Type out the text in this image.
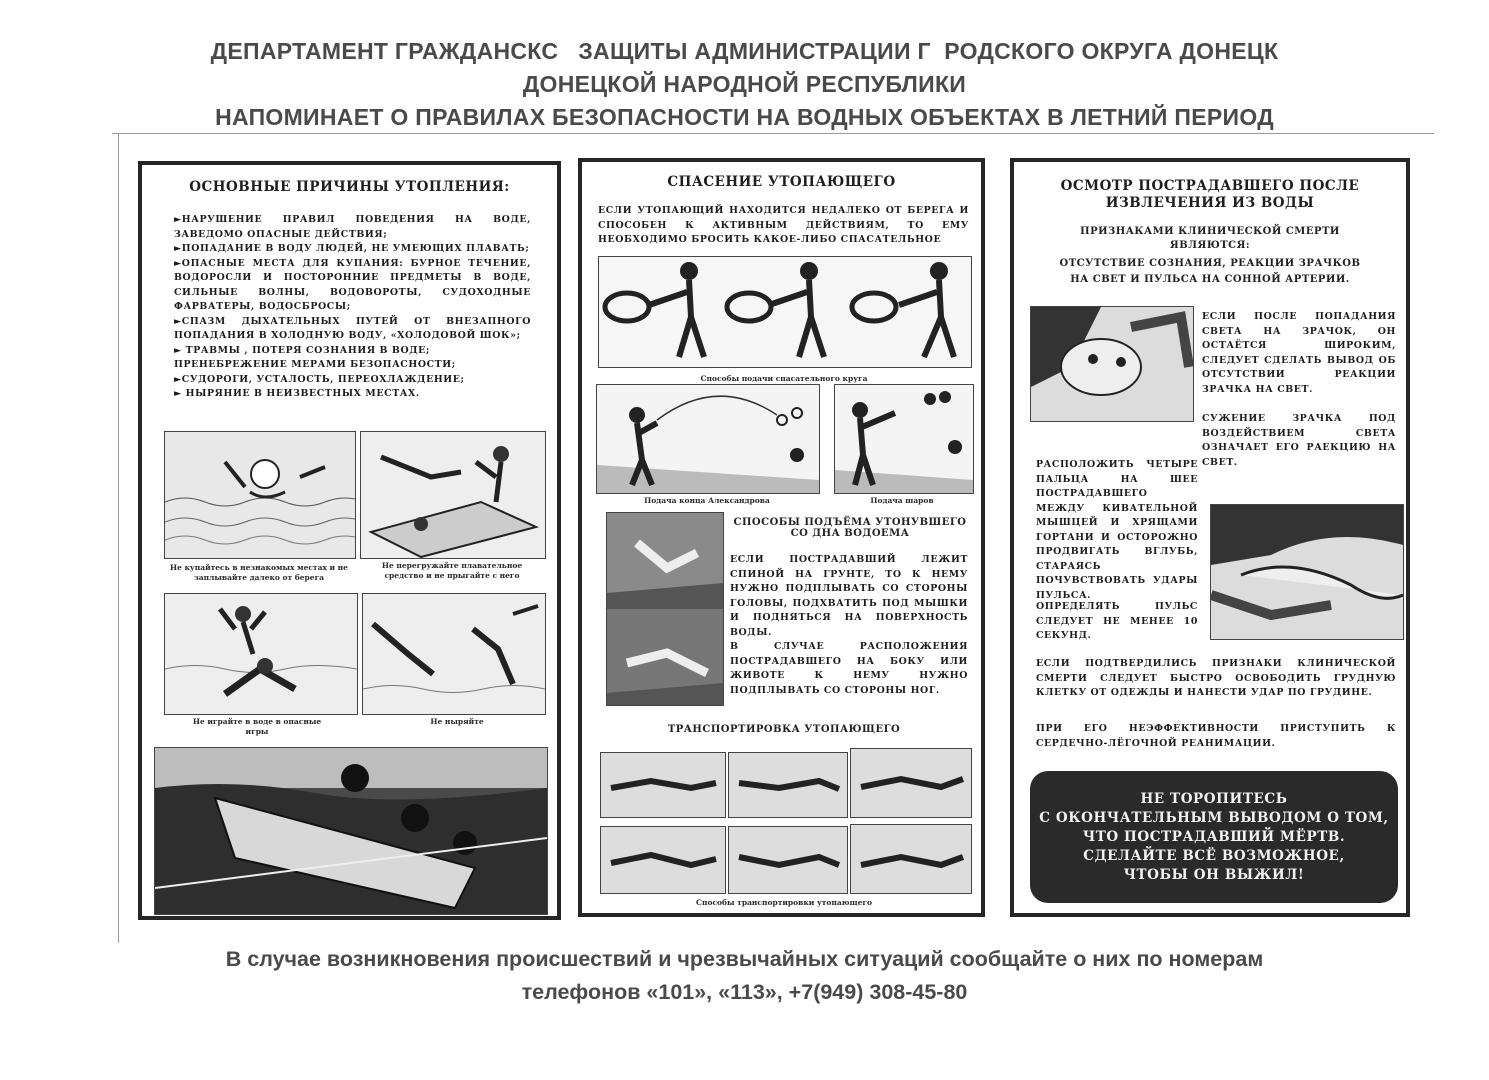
ДЕПАРТАМЕНТ ГРАЖДАНСКС   ЗАЩИТЫ АДМИНИСТРАЦИИ Г  РОДСКОГО ОКРУГА ДОНЕЦК
ДОНЕЦКОЙ НАРОДНОЙ РЕСПУБЛИКИ
НАПОМИНАЕТ О ПРАВИЛАХ БЕЗОПАСНОСТИ НА ВОДНЫХ ОБЪЕКТАХ В ЛЕТНИЙ ПЕРИОД
ОСНОВНЫЕ ПРИЧИНЫ УТОПЛЕНИЯ:
►НАРУШЕНИЕ ПРАВИЛ ПОВЕДЕНИЯ НА ВОДЕ, ЗАВЕДОМО ОПАСНЫЕ ДЕЙСТВИЯ;
►ПОПАДАНИЕ В ВОДУ ЛЮДЕЙ, НЕ УМЕЮЩИХ ПЛАВАТЬ;
►ОПАСНЫЕ МЕСТА ДЛЯ КУПАНИЯ: БУРНОЕ ТЕЧЕНИЕ, ВОДОРОСЛИ И ПОСТОРОННИЕ ПРЕДМЕТЫ В ВОДЕ, СИЛЬНЫЕ ВОЛНЫ, ВОДОВОРОТЫ, СУДОХОДНЫЕ ФАРВАТЕРЫ, ВОДОСБРОСЫ;
►СПАЗМ ДЫХАТЕЛЬНЫХ ПУТЕЙ ОТ ВНЕЗАПНОГО ПОПАДАНИЯ В ХОЛОДНУЮ ВОДУ, «ХОЛОДОВОЙ ШОК»;
► ТРАВМЫ , ПОТЕРЯ СОЗНАНИЯ В ВОДЕ;
ПРЕНЕБРЕЖЕНИЕ МЕРАМИ БЕЗОПАСНОСТИ;
►СУДОРОГИ, УСТАЛОСТЬ, ПЕРЕОХЛАЖДЕНИЕ;
► НЫРЯНИЕ В НЕИЗВЕСТНЫХ МЕСТАХ.
Не купайтесь в незнакомых местах и не заплывайте далеко от берега
Не перегружайте плавательное средство и не прыгайте с него
Не играйте в воде в опасные игры
Не ныряйте
СПАСЕНИЕ УТОПАЮЩЕГО
ЕСЛИ УТОПАЮЩИЙ НАХОДИТСЯ НЕДАЛЕКО ОТ БЕРЕГА И СПОСОБЕН К АКТИВНЫМ ДЕЙСТВИЯМ, ТО ЕМУ НЕОБХОДИМО БРОСИТЬ КАКОЕ-ЛИБО СПАСАТЕЛЬНОЕ
Способы подачи спасательного круга
Подача конца Александрова	Подача шаров
СПОСОБЫ ПОДЪЁМА УТОНУВШЕГО СО ДНА ВОДОЕМА
ЕСЛИ ПОСТРАДАВШИЙ ЛЕЖИТ СПИНОЙ НА ГРУНТЕ, ТО К НЕМУ НУЖНО ПОДПЛЫВАТЬ СО СТОРОНЫ ГОЛОВЫ, ПОДХВАТИТЬ ПОД МЫШКИ И ПОДНЯТЬСЯ НА ПОВЕРХНОСТЬ ВОДЫ.
В СЛУЧАЕ РАСПОЛОЖЕНИЯ ПОСТРАДАВШЕГО НА БОКУ ИЛИ ЖИВОТЕ К НЕМУ НУЖНО ПОДПЛЫВАТЬ СО СТОРОНЫ НОГ.
ТРАНСПОРТИРОВКА УТОПАЮЩЕГО
Способы транспортировки утопающего
ОСМОТР ПОСТРАДАВШЕГО ПОСЛЕ
ИЗВЛЕЧЕНИЯ ИЗ ВОДЫ
ПРИЗНАКАМИ КЛИНИЧЕСКОЙ СМЕРТИ
ЯВЛЯЮТСЯ:
ОТСУТСТВИЕ СОЗНАНИЯ, РЕАКЦИИ ЗРАЧКОВ
НА СВЕТ И ПУЛЬСА НА СОННОЙ АРТЕРИИ.
ЕСЛИ ПОСЛЕ ПОПАДАНИЯ СВЕТА НА ЗРАЧОК, ОН ОСТАЁТСЯ ШИРОКИМ, СЛЕДУЕТ СДЕЛАТЬ ВЫВОД ОБ ОТСУТСТВИИ РЕАКЦИИ ЗРАЧКА НА СВЕТ.
СУЖЕНИЕ ЗРАЧКА ПОД ВОЗДЕЙСТВИЕМ СВЕТА ОЗНАЧАЕТ ЕГО РАЕКЦИЮ НА СВЕТ.
РАСПОЛОЖИТЬ ЧЕТЫРЕ ПАЛЬЦА НА ШЕЕ ПОСТРАДАВШЕГО МЕЖДУ КИВАТЕЛЬНОЙ МЫШЦЕЙ И ХРЯЩАМИ ГОРТАНИ И ОСТОРОЖНО ПРОДВИГАТЬ ВГЛУБЬ, СТАРАЯСЬ ПОЧУВСТВОВАТЬ УДАРЫ ПУЛЬСА.
ОПРЕДЕЛЯТЬ ПУЛЬС СЛЕДУЕТ НЕ МЕНЕЕ 10 СЕКУНД.
ЕСЛИ ПОДТВЕРДИЛИСЬ ПРИЗНАКИ КЛИНИЧЕСКОЙ СМЕРТИ СЛЕДУЕТ БЫСТРО ОСВОБОДИТЬ ГРУДНУЮ КЛЕТКУ ОТ ОДЕЖДЫ И НАНЕСТИ УДАР ПО ГРУДИНЕ.
ПРИ ЕГО НЕЭФФЕКТИВНОСТИ ПРИСТУПИТЬ К СЕРДЕЧНО-ЛЁГОЧНОЙ РЕАНИМАЦИИ.
НЕ ТОРОПИТЕСЬ
С ОКОНЧАТЕЛЬНЫМ ВЫВОДОМ О ТОМ,
ЧТО ПОСТРАДАВШИЙ МЁРТВ.
СДЕЛАЙТЕ ВСЁ ВОЗМОЖНОЕ,
ЧТОБЫ ОН ВЫЖИЛ!
В случае возникновения происшествий и чрезвычайных ситуаций сообщайте о них по номерам
телефонов «101», «113», +7(949) 308-45-80
